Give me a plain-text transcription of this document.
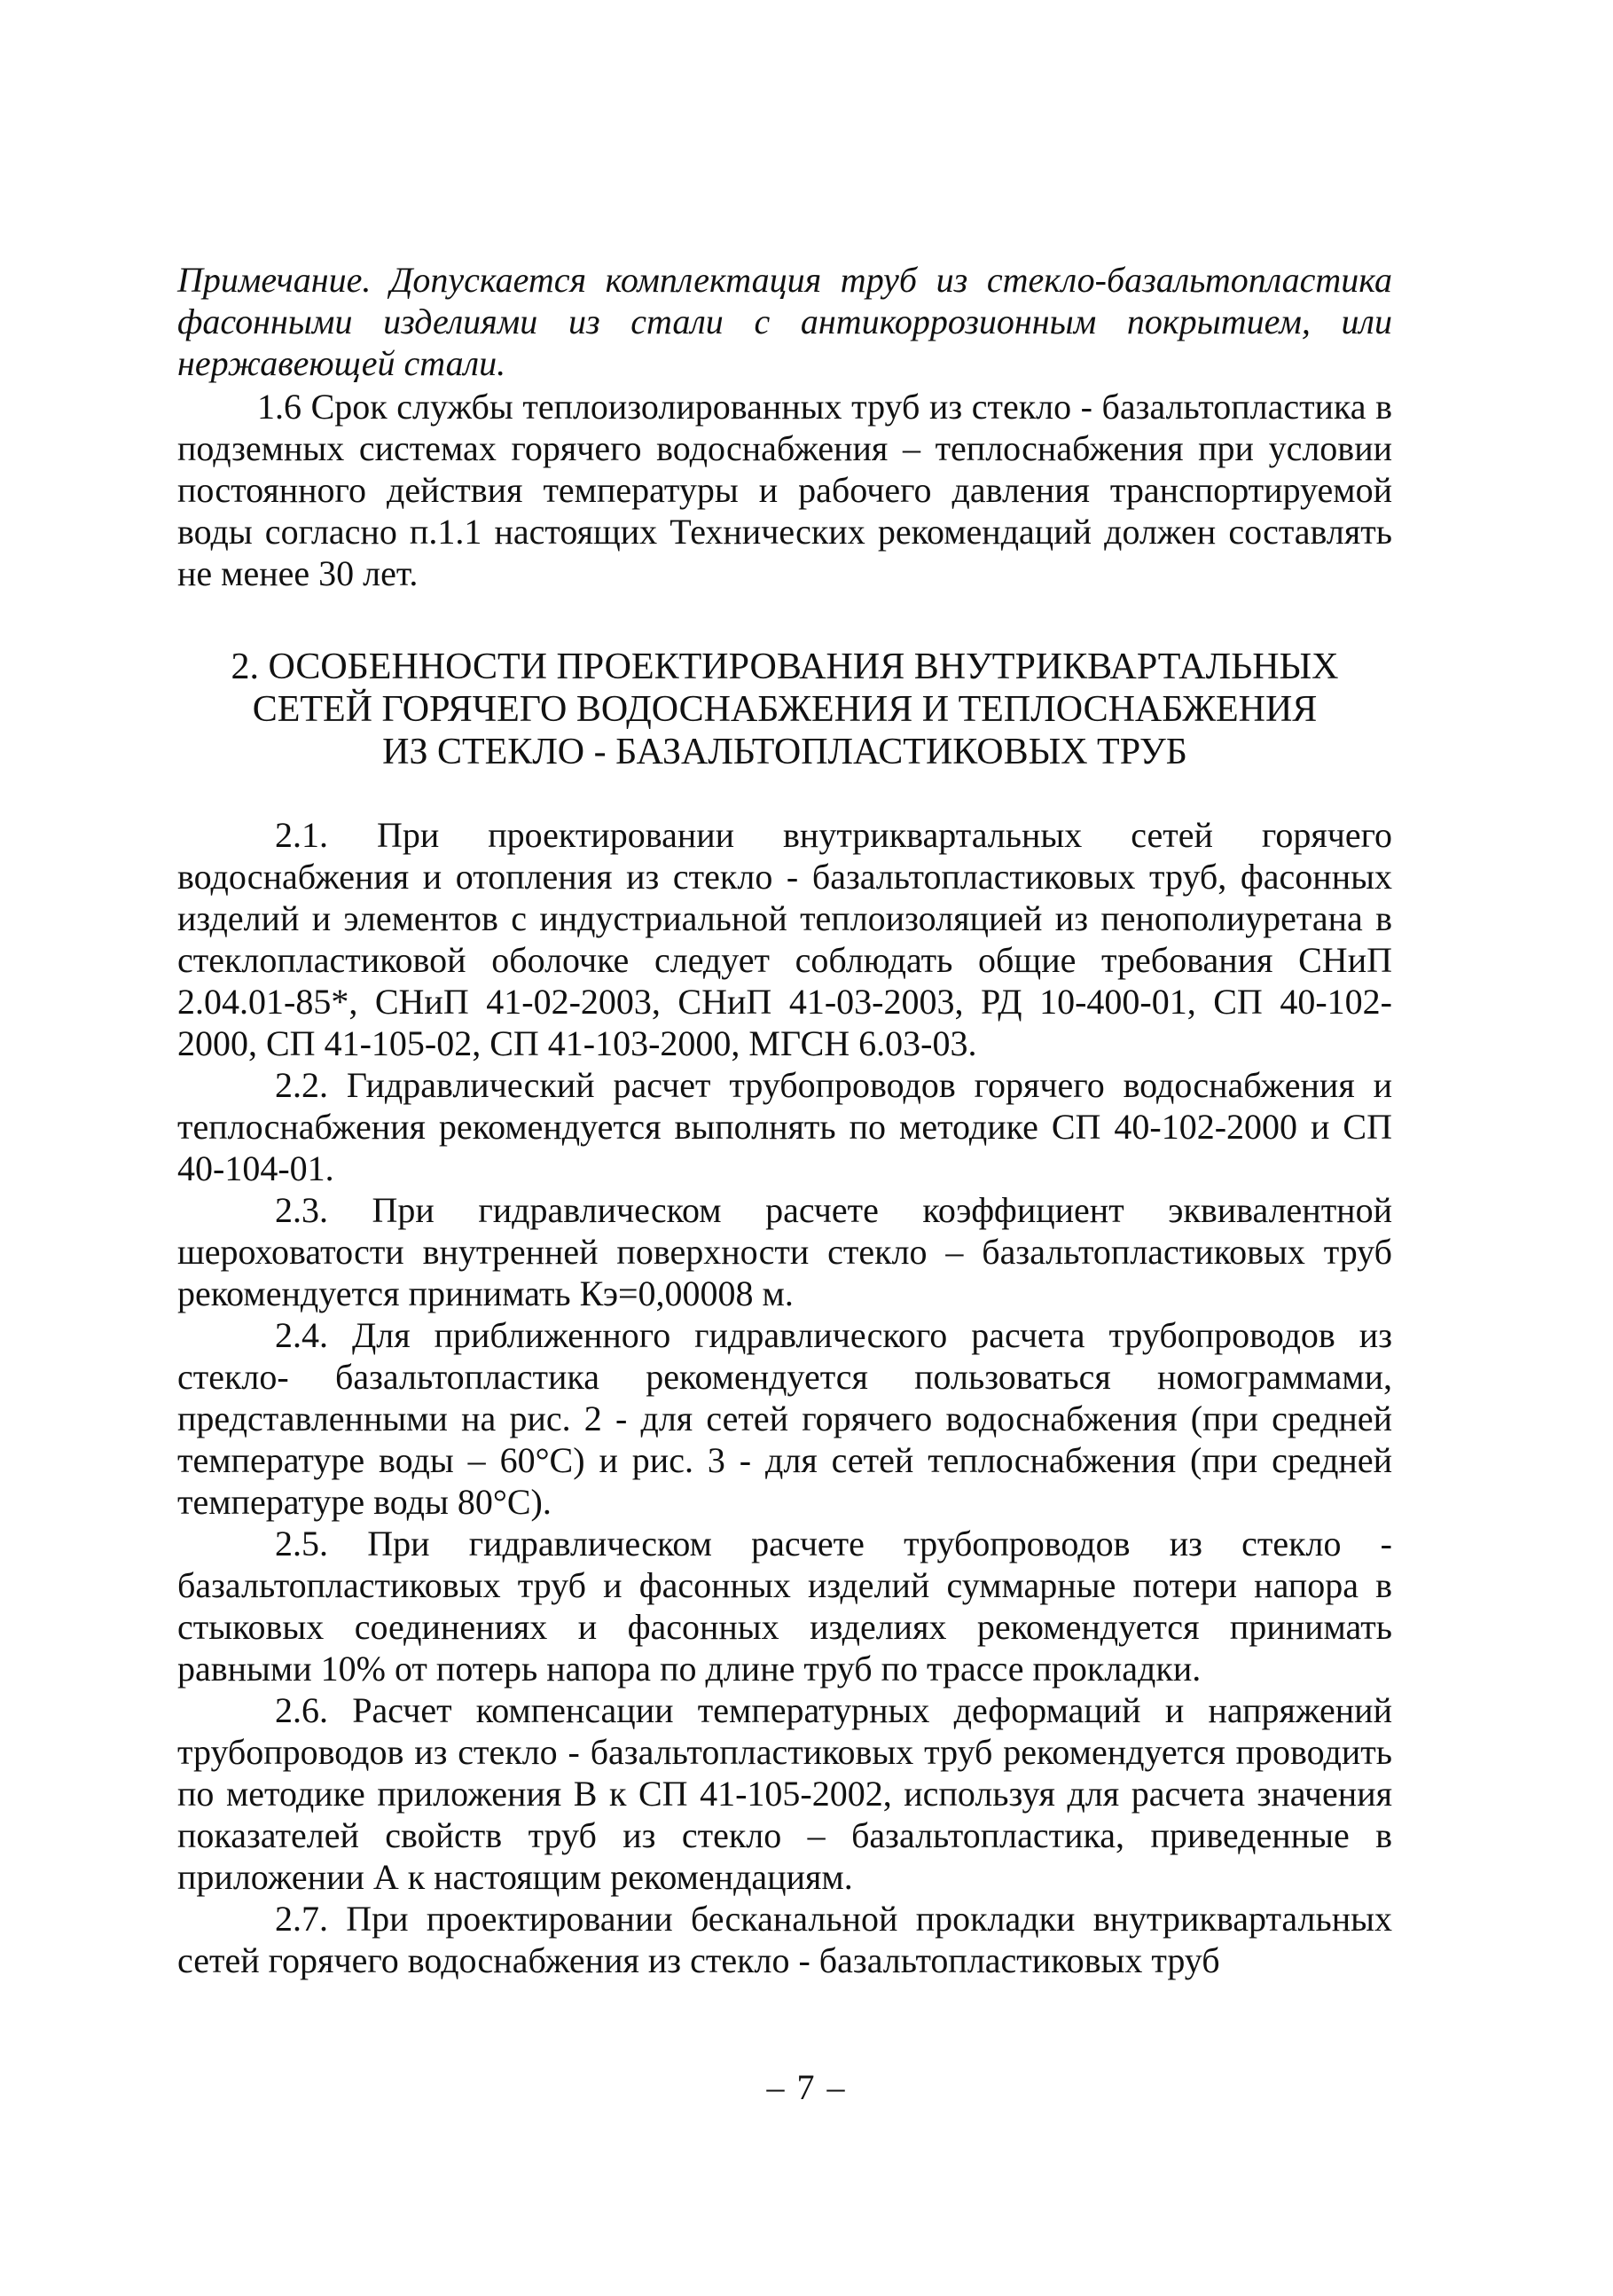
Примечание. Допускается комплектация труб из стекло-базальтопластика фасонными изделиями из стали с антикоррозионным покрытием, или нержавеющей стали.

1.6 Срок службы теплоизолированных труб из стекло - базальтопластика в подземных системах горячего водоснабжения – теплоснабжения при условии постоянного действия температуры и рабочего давления транспортируемой воды согласно п.1.1 настоящих Технических рекомендаций должен составлять не менее 30 лет.

2. ОСОБЕННОСТИ ПРОЕКТИРОВАНИЯ ВНУТРИКВАРТАЛЬНЫХ
СЕТЕЙ ГОРЯЧЕГО ВОДОСНАБЖЕНИЯ И ТЕПЛОСНАБЖЕНИЯ
ИЗ СТЕКЛО - БАЗАЛЬТОПЛАСТИКОВЫХ ТРУБ

2.1. При проектировании внутриквартальных сетей горячего водоснабжения и отопления из стекло - базальтопластиковых труб, фасонных изделий и элементов с индустриальной теплоизоляцией из пенополиуретана в стеклопластиковой оболочке следует соблюдать общие требования СНиП 2.04.01-85*, СНиП 41-02-2003, СНиП 41-03-2003, РД 10-400-01, СП 40-102-2000, СП 41-105-02, СП 41-103-2000, МГСН 6.03-03.

2.2. Гидравлический расчет трубопроводов горячего водоснабжения и теплоснабжения рекомендуется выполнять по методике СП 40-102-2000 и СП 40-104-01.

2.3. При гидравлическом расчете коэффициент эквивалентной шероховатости внутренней поверхности стекло – базальтопластиковых труб рекомендуется принимать Кэ=0,00008 м.

2.4. Для приближенного гидравлического расчета трубопроводов из стекло- базальтопластика рекомендуется пользоваться номограммами, представленными на рис. 2 - для сетей горячего водоснабжения (при средней температуре воды – 60°С) и рис. 3 - для сетей теплоснабжения (при средней температуре воды 80°С).

2.5. При гидравлическом расчете трубопроводов из стекло - базальтопластиковых труб и фасонных изделий суммарные потери напора в стыковых соединениях и фасонных изделиях рекомендуется принимать равными 10% от потерь напора по длине труб по трассе прокладки.

2.6. Расчет компенсации температурных деформаций и напряжений трубопроводов из стекло - базальтопластиковых труб рекомендуется проводить по методике приложения В к СП 41-105-2002, используя для расчета значения показателей свойств труб из стекло – базальтопластика, приведенные в приложении А к настоящим рекомендациям.

2.7. При проектировании бесканальной прокладки внутриквартальных сетей горячего водоснабжения из стекло - базальтопластиковых труб

– 7 –
